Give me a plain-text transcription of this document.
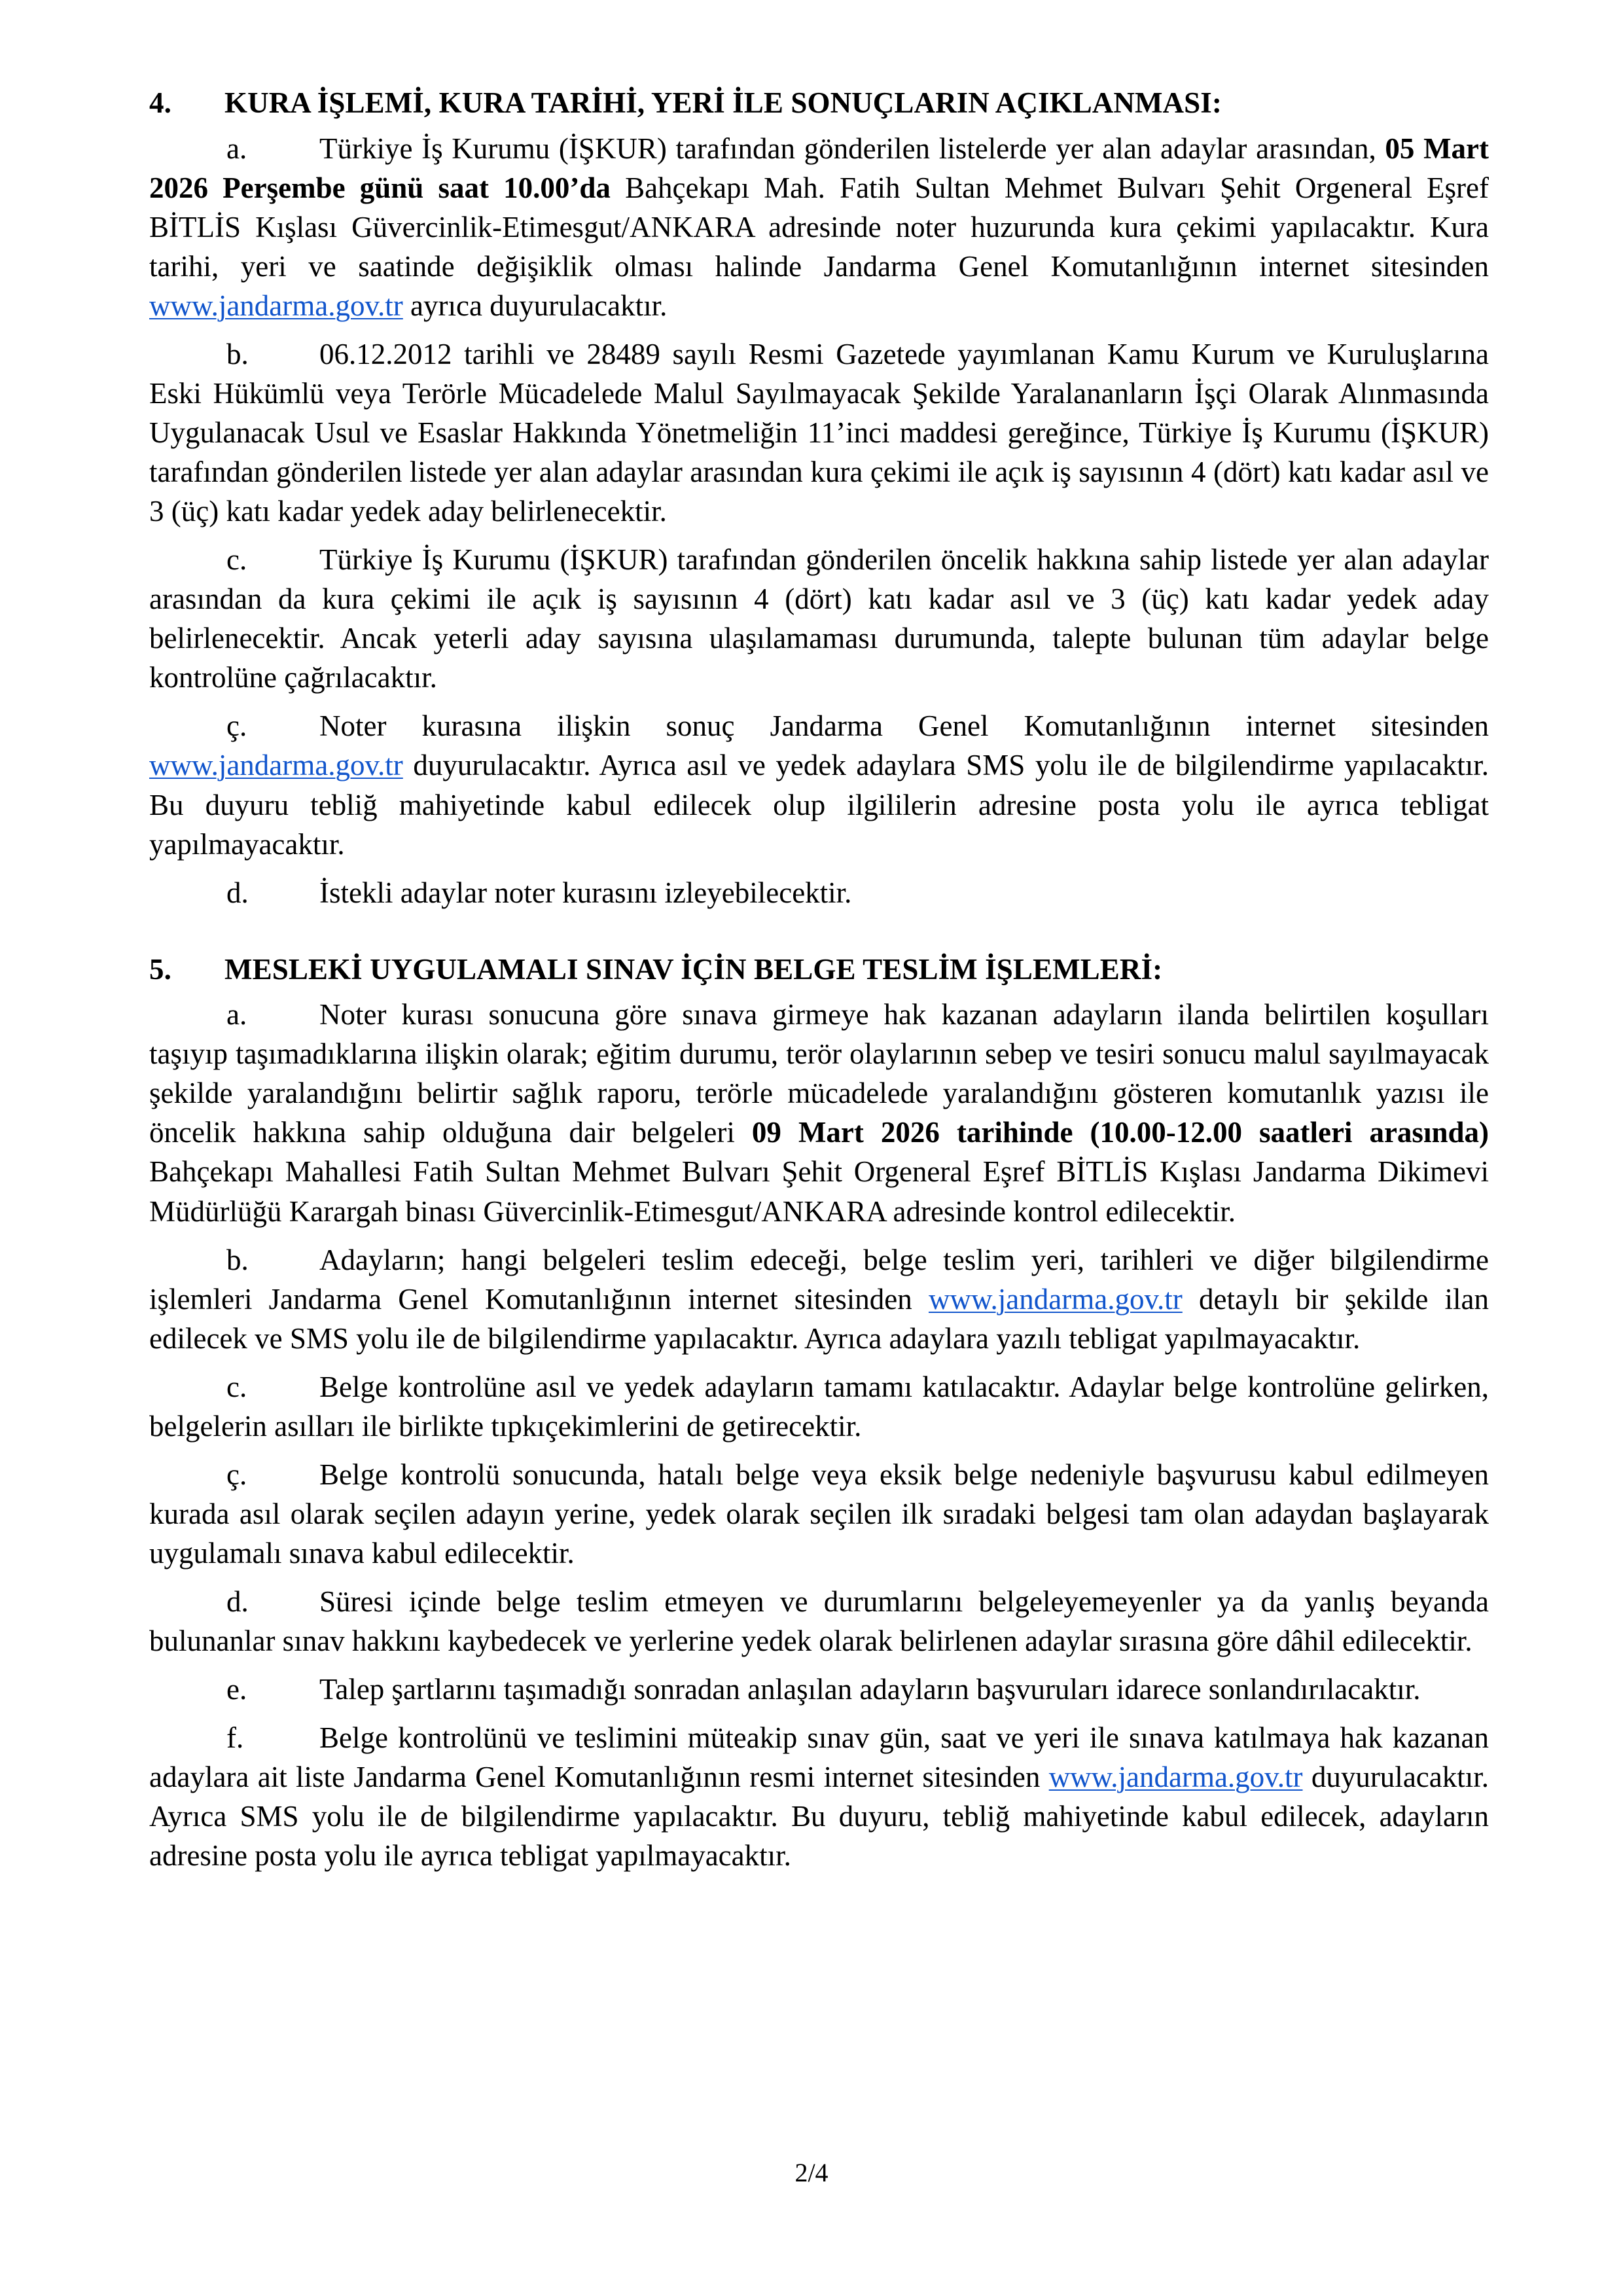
4. KURA İŞLEMİ, KURA TARİHİ, YERİ İLE SONUÇLARIN AÇIKLANMASI:

a. Türkiye İş Kurumu (İŞKUR) tarafından gönderilen listelerde yer alan adaylar arasından, 05 Mart 2026 Perşembe günü saat 10.00’da Bahçekapı Mah. Fatih Sultan Mehmet Bulvarı Şehit Orgeneral Eşref BİTLİS Kışlası Güvercinlik-Etimesgut/ANKARA adresinde noter huzurunda kura çekimi yapılacaktır. Kura tarihi, yeri ve saatinde değişiklik olması halinde Jandarma Genel Komutanlığının internet sitesinden www.jandarma.gov.tr ayrıca duyurulacaktır.

b. 06.12.2012 tarihli ve 28489 sayılı Resmi Gazetede yayımlanan Kamu Kurum ve Kuruluşlarına Eski Hükümlü veya Terörle Mücadelede Malul Sayılmayacak Şekilde Yaralananların İşçi Olarak Alınmasında Uygulanacak Usul ve Esaslar Hakkında Yönetmeliğin 11’inci maddesi gereğince, Türkiye İş Kurumu (İŞKUR) tarafından gönderilen listede yer alan adaylar arasından kura çekimi ile açık iş sayısının 4 (dört) katı kadar asıl ve 3 (üç) katı kadar yedek aday belirlenecektir.

c. Türkiye İş Kurumu (İŞKUR) tarafından gönderilen öncelik hakkına sahip listede yer alan adaylar arasından da kura çekimi ile açık iş sayısının 4 (dört) katı kadar asıl ve 3 (üç) katı kadar yedek aday belirlenecektir. Ancak yeterli aday sayısına ulaşılamaması durumunda, talepte bulunan tüm adaylar belge kontrolüne çağrılacaktır.

ç. Noter kurasına ilişkin sonuç Jandarma Genel Komutanlığının internet sitesinden www.jandarma.gov.tr duyurulacaktır. Ayrıca asıl ve yedek adaylara SMS yolu ile de bilgilendirme yapılacaktır. Bu duyuru tebliğ mahiyetinde kabul edilecek olup ilgililerin adresine posta yolu ile ayrıca tebligat yapılmayacaktır.

d. İstekli adaylar noter kurasını izleyebilecektir.

5. MESLEKİ UYGULAMALI SINAV İÇİN BELGE TESLİM İŞLEMLERİ:

a. Noter kurası sonucuna göre sınava girmeye hak kazanan adayların ilanda belirtilen koşulları taşıyıp taşımadıklarına ilişkin olarak; eğitim durumu, terör olaylarının sebep ve tesiri sonucu malul sayılmayacak şekilde yaralandığını belirtir sağlık raporu, terörle mücadelede yaralandığını gösteren komutanlık yazısı ile öncelik hakkına sahip olduğuna dair belgeleri 09 Mart 2026 tarihinde (10.00-12.00 saatleri arasında) Bahçekapı Mahallesi Fatih Sultan Mehmet Bulvarı Şehit Orgeneral Eşref BİTLİS Kışlası Jandarma Dikimevi Müdürlüğü Karargah binası Güvercinlik-Etimesgut/ANKARA adresinde kontrol edilecektir.

b. Adayların; hangi belgeleri teslim edeceği, belge teslim yeri, tarihleri ve diğer bilgilendirme işlemleri Jandarma Genel Komutanlığının internet sitesinden www.jandarma.gov.tr detaylı bir şekilde ilan edilecek ve SMS yolu ile de bilgilendirme yapılacaktır. Ayrıca adaylara yazılı tebligat yapılmayacaktır.

c. Belge kontrolüne asıl ve yedek adayların tamamı katılacaktır. Adaylar belge kontrolüne gelirken, belgelerin asılları ile birlikte tıpkıçekimlerini de getirecektir.

ç. Belge kontrolü sonucunda, hatalı belge veya eksik belge nedeniyle başvurusu kabul edilmeyen kurada asıl olarak seçilen adayın yerine, yedek olarak seçilen ilk sıradaki belgesi tam olan adaydan başlayarak uygulamalı sınava kabul edilecektir.

d. Süresi içinde belge teslim etmeyen ve durumlarını belgeleyemeyenler ya da yanlış beyanda bulunanlar sınav hakkını kaybedecek ve yerlerine yedek olarak belirlenen adaylar sırasına göre dâhil edilecektir.

e. Talep şartlarını taşımadığı sonradan anlaşılan adayların başvuruları idarece sonlandırılacaktır.

f.	Belge kontrolünü ve teslimini müteakip sınav gün, saat ve yeri ile sınava katılmaya hak kazanan adaylara ait liste Jandarma Genel Komutanlığının resmi internet sitesinden www.jandarma.gov.tr duyurulacaktır. Ayrıca SMS yolu ile de bilgilendirme yapılacaktır. Bu duyuru, tebliğ mahiyetinde kabul edilecek, adayların adresine posta yolu ile ayrıca tebligat yapılmayacaktır.

2/4
